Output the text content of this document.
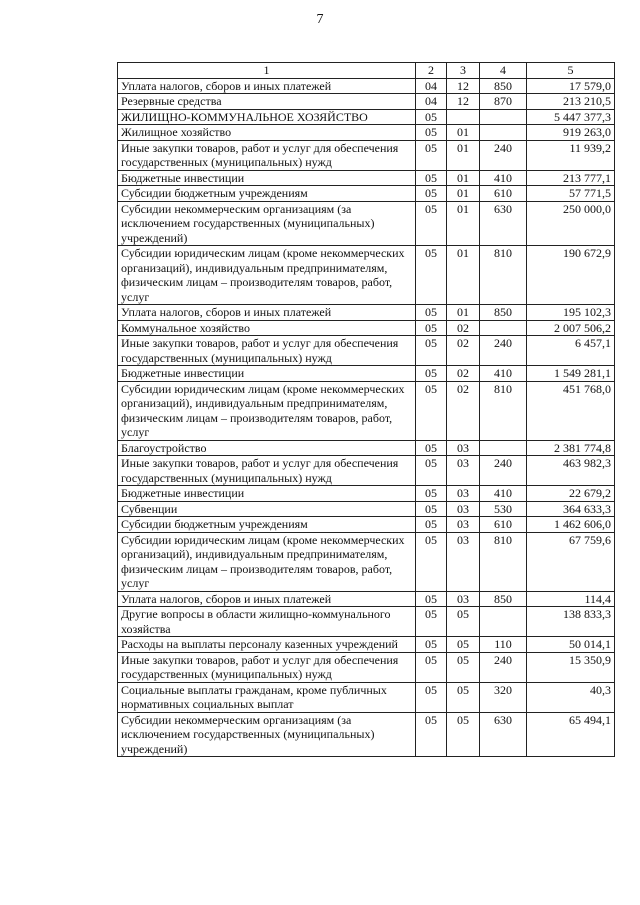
7
1	2	3	4	5
Уплата налогов, сборов и иных платежей	04	12	850	17 579,0
Резервные средства	04	12	870	213 210,5
ЖИЛИЩНО-КОММУНАЛЬНОЕ ХОЗЯЙСТВО	05			5 447 377,3
Жилищное хозяйство	05	01		919 263,0
Иные закупки товаров, работ и услуг для обеспечения государственных (муниципальных) нужд	05	01	240	11 939,2
Бюджетные инвестиции	05	01	410	213 777,1
Субсидии бюджетным учреждениям	05	01	610	57 771,5
Субсидии некоммерческим организациям (за исключением государственных (муниципальных) учреждений)	05	01	630	250 000,0
Субсидии юридическим лицам (кроме некоммерческих организаций), индивидуальным предпринимателям, физическим лицам – производителям товаров, работ, услуг	05	01	810	190 672,9
Уплата налогов, сборов и иных платежей	05	01	850	195 102,3
Коммунальное хозяйство	05	02		2 007 506,2
Иные закупки товаров, работ и услуг для обеспечения государственных (муниципальных) нужд	05	02	240	6 457,1
Бюджетные инвестиции	05	02	410	1 549 281,1
Субсидии юридическим лицам (кроме некоммерческих организаций), индивидуальным предпринимателям, физическим лицам – производителям товаров, работ, услуг	05	02	810	451 768,0
Благоустройство	05	03		2 381 774,8
Иные закупки товаров, работ и услуг для обеспечения государственных (муниципальных) нужд	05	03	240	463 982,3
Бюджетные инвестиции	05	03	410	22 679,2
Субвенции	05	03	530	364 633,3
Субсидии бюджетным учреждениям	05	03	610	1 462 606,0
Субсидии юридическим лицам (кроме некоммерческих организаций), индивидуальным предпринимателям, физическим лицам – производителям товаров, работ, услуг	05	03	810	67 759,6
Уплата налогов, сборов и иных платежей	05	03	850	114,4
Другие вопросы в области жилищно-коммунального хозяйства	05	05		138 833,3
Расходы на выплаты персоналу казенных учреждений	05	05	110	50 014,1
Иные закупки товаров, работ и услуг для обеспечения государственных (муниципальных) нужд	05	05	240	15 350,9
Социальные выплаты гражданам, кроме публичных нормативных социальных выплат	05	05	320	40,3
Субсидии некоммерческим организациям (за исключением государственных (муниципальных) учреждений)	05	05	630	65 494,1
